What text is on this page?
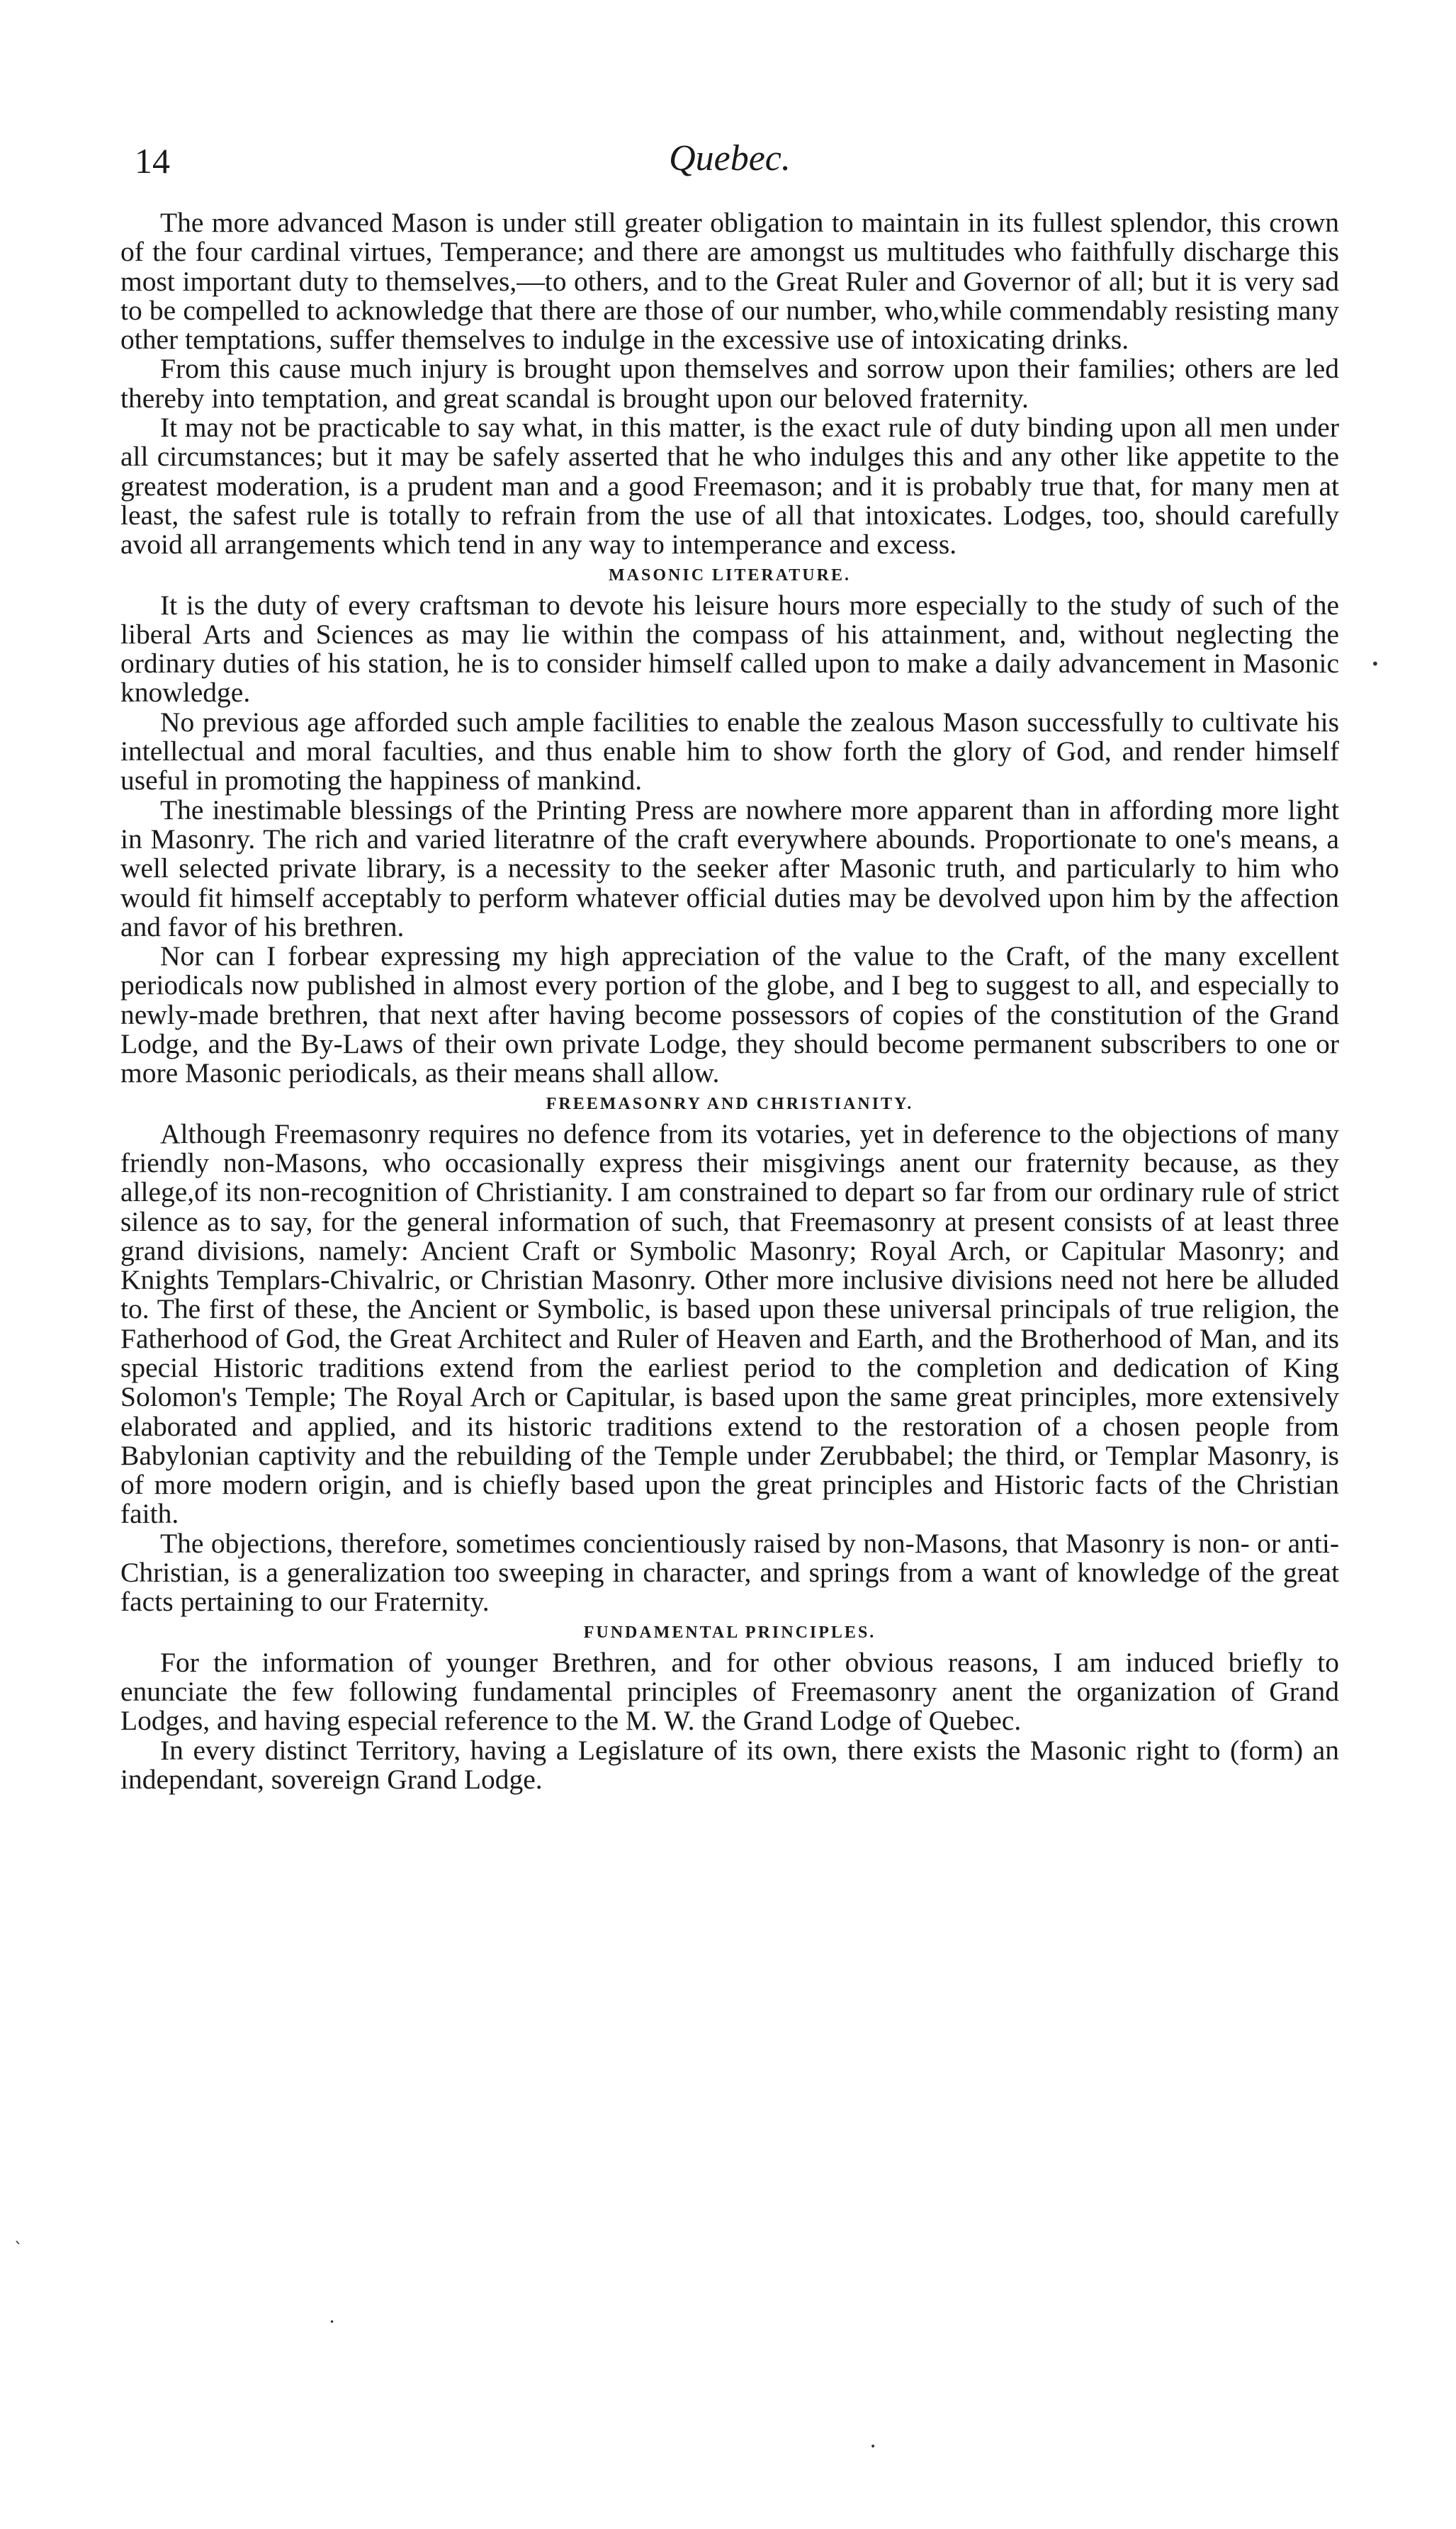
14	Quebec.

The more advanced Mason is under still greater obligation to maintain in its fullest splendor, this crown of the four cardinal virtues, Temperance; and there are amongst us multitudes who faithfully discharge this most important duty to themselves,—to others, and to the Great Ruler and Governor of all; but it is very sad to be compelled to acknowledge that there are those of our number, who,while commendably resisting many other temptations, suffer themselves to indulge in the excessive use of intoxicating drinks.

From this cause much injury is brought upon themselves and sorrow upon their families; others are led thereby into temptation, and great scandal is brought upon our beloved fraternity.

It may not be practicable to say what, in this matter, is the exact rule of duty binding upon all men under all circumstances; but it may be safely asserted that he who indulges this and any other like appetite to the greatest moderation, is a prudent man and a good Freemason; and it is probably true that, for many men at least, the safest rule is totally to refrain from the use of all that intoxicates. Lodges, too, should carefully avoid all arrangements which tend in any way to intemperance and excess.

MASONIC LITERATURE.

It is the duty of every craftsman to devote his leisure hours more especially to the study of such of the liberal Arts and Sciences as may lie within the compass of his attainment, and, without neglecting the ordinary duties of his station, he is to consider himself called upon to make a daily advancement in Masonic knowledge.

No previous age afforded such ample facilities to enable the zealous Mason successfully to cultivate his intellectual and moral faculties, and thus enable him to show forth the glory of God, and render himself useful in promoting the happiness of mankind.

The inestimable blessings of the Printing Press are nowhere more apparent than in affording more light in Masonry. The rich and varied literatnre of the craft everywhere abounds. Proportionate to one's means, a well selected private library, is a necessity to the seeker after Masonic truth, and particularly to him who would fit himself acceptably to perform whatever official duties may be devolved upon him by the affection and favor of his brethren.

Nor can I forbear expressing my high appreciation of the value to the Craft, of the many excellent periodicals now published in almost every portion of the globe, and I beg to suggest to all, and especially to newly-made brethren, that next after having become possessors of copies of the constitution of the Grand Lodge, and the By-Laws of their own private Lodge, they should become permanent subscribers to one or more Masonic periodicals, as their means shall allow.

FREEMASONRY AND CHRISTIANITY.

Although Freemasonry requires no defence from its votaries, yet in deference to the objections of many friendly non-Masons, who occasionally express their misgivings anent our fraternity because, as they allege,of its non-recognition of Christianity. I am constrained to depart so far from our ordinary rule of strict silence as to say, for the general information of such, that Freemasonry at present consists of at least three grand divisions, namely: Ancient Craft or Symbolic Masonry; Royal Arch, or Capitular Masonry; and Knights Templars-Chivalric, or Christian Masonry. Other more inclusive divisions need not here be alluded to. The first of these, the Ancient or Symbolic, is based upon these universal principals of true religion, the Fatherhood of God, the Great Architect and Ruler of Heaven and Earth, and the Brotherhood of Man, and its special Historic traditions extend from the earliest period to the completion and dedication of King Solomon's Temple; The Royal Arch or Capitular, is based upon the same great principles, more extensively elaborated and applied, and its historic traditions extend to the restoration of a chosen people from Babylonian captivity and the rebuilding of the Temple under Zerubbabel; the third, or Templar Masonry, is of more modern origin, and is chiefly based upon the great principles and Historic facts of the Christian faith.

The objections, therefore, sometimes concientiously raised by non-Masons, that Masonry is non- or anti-Christian, is a generalization too sweeping in character, and springs from a want of knowledge of the great facts pertaining to our Fraternity.

FUNDAMENTAL PRINCIPLES.

For the information of younger Brethren, and for other obvious reasons, I am induced briefly to enunciate the few following fundamental principles of Freemasonry anent the organization of Grand Lodges, and having especial reference to the M. W. the Grand Lodge of Quebec.

In every distinct Territory, having a Legislature of its own, there exists the Masonic right to (form) an independant, sovereign Grand Lodge.

•
`
•
•
